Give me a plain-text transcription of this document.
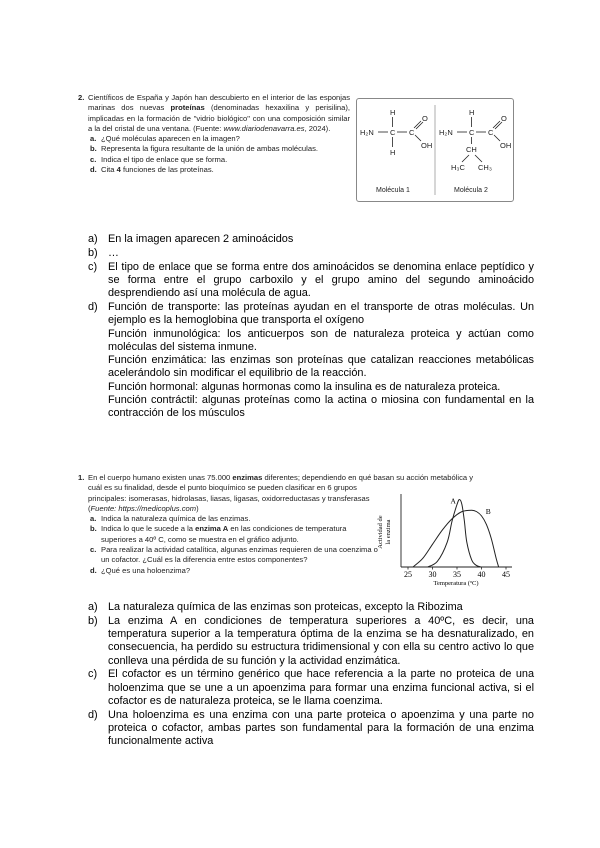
2. Científicos de España y Japón han descubierto en el interior de las esponjas marinas dos nuevas proteínas (denominadas hexaxilina y perisilina), implicadas en la formación de "vidrio biológico" con una composición similar a la del cristal de una ventana. (Fuente: www.diariodenavarra.es, 2024).
a. ¿Qué moléculas aparecen en la imagen?
b. Representa la figura resultante de la unión de ambas moléculas.
c. Indica el tipo de enlace que se forma.
d. Cita 4 funciones de las proteínas.
H
H₂N C C
O
OH
H
H
H₂N C C
O
OH
CH
H₃C CH₃
Molécula 1	Molécula 2
a) En la imagen aparecen 2 aminoácidos

b) …

c) El tipo de enlace que se forma entre dos aminoácidos se denomina enlace peptídico y se forma entre el grupo carboxilo y el grupo amino del segundo aminoácido desprendiendo así una molécula de agua.

d) Función de transporte: las proteínas ayudan en el transporte de otras moléculas. Un ejemplo es la hemoglobina que transporta el oxígeno

Función inmunológica: los anticuerpos son de naturaleza proteica y actúan como moléculas del sistema inmune.

Función enzimática: las enzimas son proteínas que catalizan reacciones metabólicas acelerándolo sin modificar el equilibrio de la reacción.

Función hormonal: algunas hormonas como la insulina es de naturaleza proteica.

Función contráctil: algunas proteínas como la actina o miosina con fundamental en la contracción de los músculos

1. En el cuerpo humano existen unas 75.000 enzimas diferentes; dependiendo en qué basan su acción metabólica y
cuál es su finalidad, desde el punto bioquímico se pueden clasificar en 6 grupos principales: isomerasas, hidrolasas, liasas, ligasas, oxidorreductasas y transferasas (Fuente: https://medicoplus.com)
a. Indica la naturaleza química de las enzimas.
b. Indica lo que le sucede a la enzima A en las condiciones de temperatura superiores a 40º C, como se muestra en el gráfico adjunto.
c. Para realizar la actividad catalítica, algunas enzimas requieren de una coenzima o un cofactor. ¿Cuál es la diferencia entre estos componentes?
d. ¿Qué es una holoenzima?
Actividad de la enzima
25 30 35 40 45
A
B
Temperatura (ºC)
a) La naturaleza química de las enzimas son proteicas, excepto la Ribozima

b) La enzima A en condiciones de temperatura superiores a 40ºC, es decir, una temperatura superior a la temperatura óptima de la enzima se ha desnaturalizado, en consecuencia, ha perdido su estructura tridimensional y con ella su centro activo lo que conlleva una pérdida de su función y la actividad enzimática.

c) El cofactor es un término genérico que hace referencia a la parte no proteica de una holoenzima que se une a un apoenzima para formar una enzima funcional activa, si el cofactor es de naturaleza proteica, se le llama coenzima.

d) Una holoenzima es una enzima con una parte proteica o apoenzima y una parte no proteica o cofactor, ambas partes son fundamental para la formación de una enzima funcionalmente activa
